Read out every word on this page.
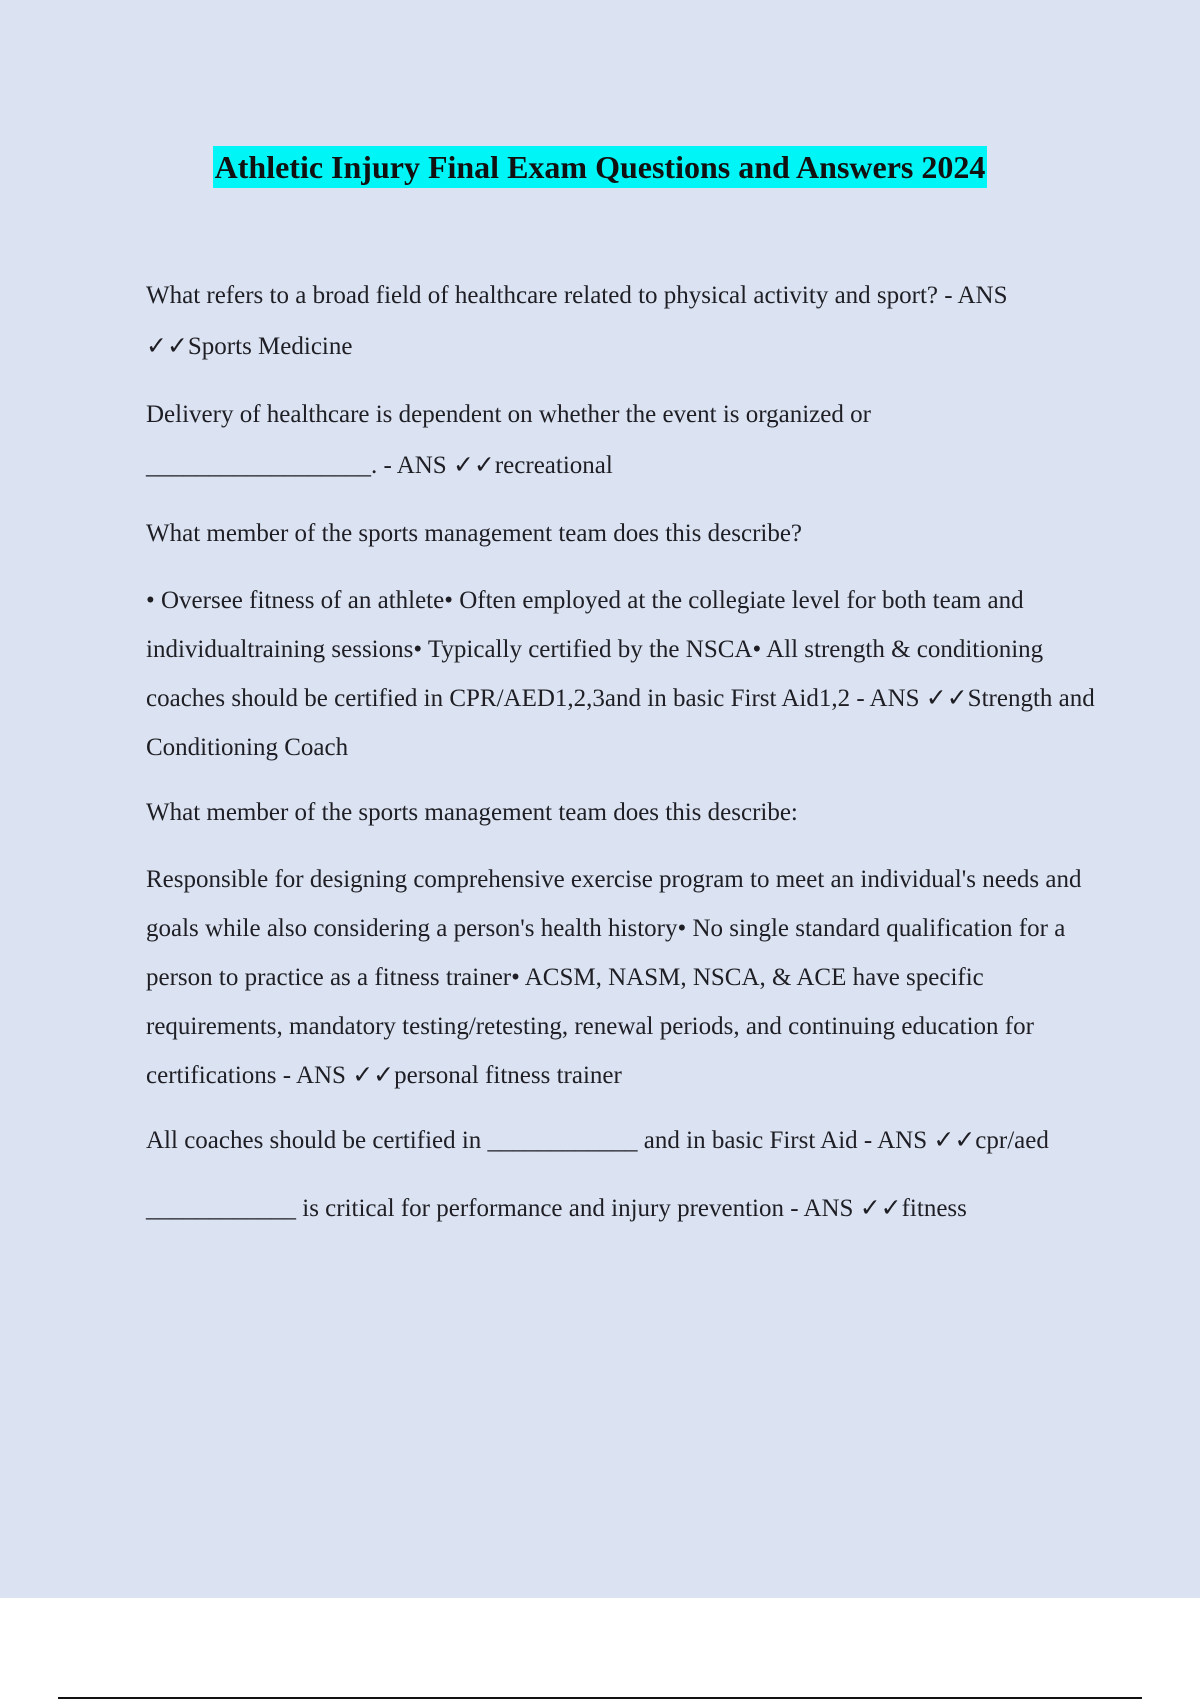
Athletic Injury Final Exam Questions and Answers 2024

What refers to a broad field of healthcare related to physical activity and sport? - ANS ✓✓Sports Medicine

Delivery of healthcare is dependent on whether the event is organized or __________________. - ANS ✓✓recreational

What member of the sports management team does this describe?

• Oversee fitness of an athlete• Often employed at the collegiate level for both team and individualtraining sessions• Typically certified by the NSCA• All strength & conditioning coaches should be certified in CPR/AED1,2,3and in basic First Aid1,2 - ANS ✓✓Strength and Conditioning Coach

What member of the sports management team does this describe:

Responsible for designing comprehensive exercise program to meet an individual's needs and goals while also considering a person's health history• No single standard qualification for a person to practice as a fitness trainer• ACSM, NASM, NSCA, & ACE have specific requirements, mandatory testing/retesting, renewal periods, and continuing education for certifications - ANS ✓✓personal fitness trainer

All coaches should be certified in ____________ and in basic First Aid - ANS ✓✓cpr/aed

____________ is critical for performance and injury prevention - ANS ✓✓fitness
